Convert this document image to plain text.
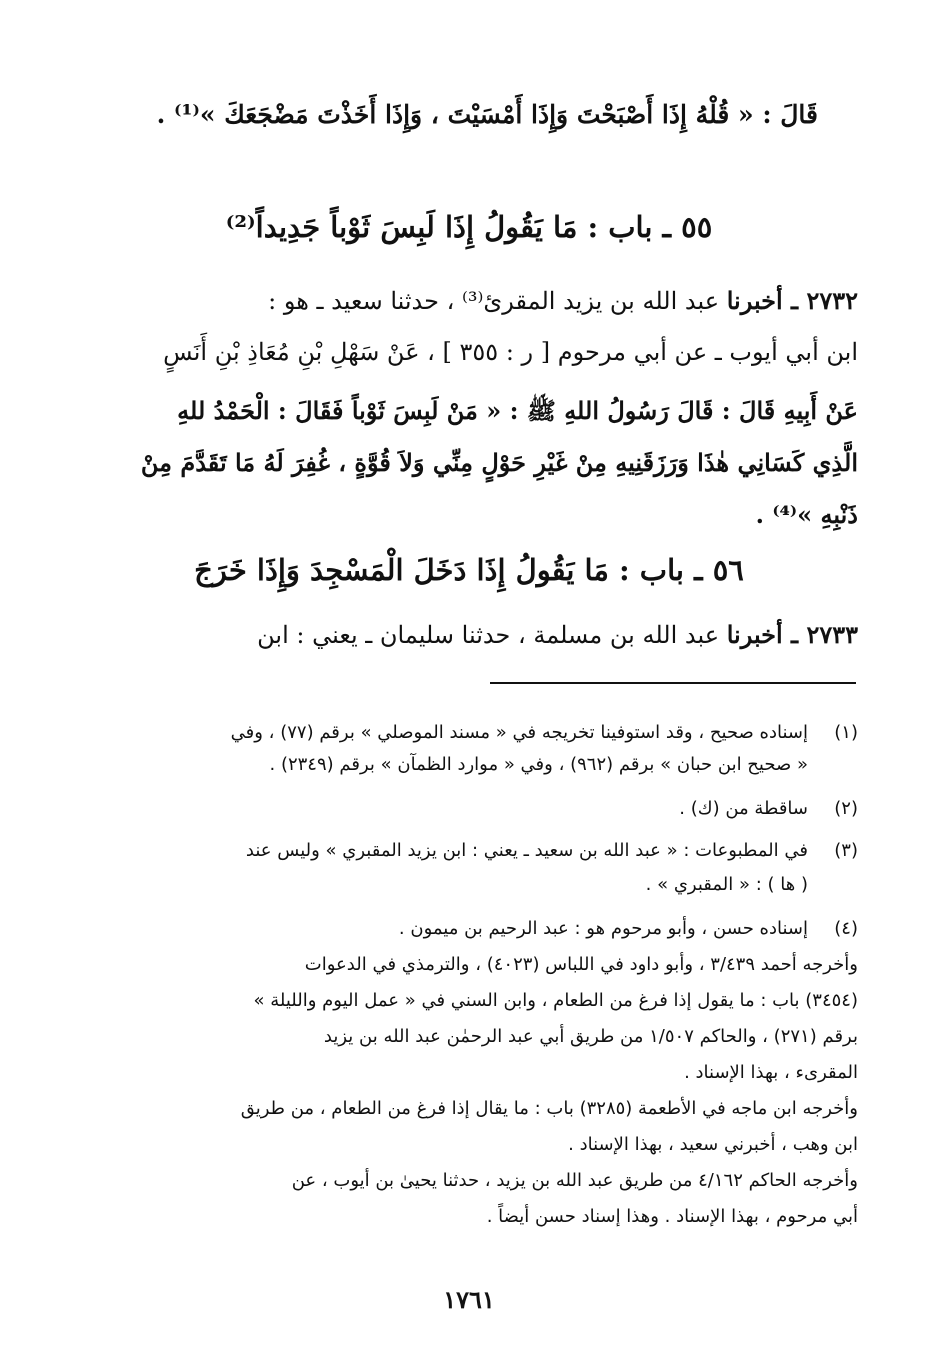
قَالَ : « قُلْهُ إِذَا أَصْبَحْتَ وَإِذَا أَمْسَيْتَ ، وَإِذَا أَخَذْتَ مَضْجَعَكَ »⁽¹⁾ .
٥٥ ـ باب : مَا يَقُولُ إِذَا لَبِسَ ثَوْباً جَدِيداً⁽²⁾
٢٧٣٢ ـ أخبرنا عبد الله بن يزيد المقرئ⁽³⁾ ، حدثنا سعيد ـ هو :
ابن أبي أيوب ـ عن أبي مرحوم [ ر : ٣٥٥ ] ، عَنْ سَهْلِ بْنِ مُعَاذِ بْنِ أَنَسٍ
عَنْ أَبِيهِ قَالَ : قَالَ رَسُولُ اللهِ ﷺ : « مَنْ لَبِسَ ثَوْباً فَقَالَ : الْحَمْدُ للهِ
الَّذِي كَسَانِي هٰذَا وَرَزَقَنِيهِ مِنْ غَيْرِ حَوْلٍ مِنِّي وَلاَ قُوَّةٍ ، غُفِرَ لَهُ مَا تَقَدَّمَ مِنْ
ذَنْبِهِ »⁽⁴⁾ .
٥٦ ـ باب : مَا يَقُولُ إِذَا دَخَلَ الْمَسْجِدَ وَإِذَا خَرَجَ
٢٧٣٣ ـ أخبرنا عبد الله بن مسلمة ، حدثنا سليمان ـ يعني : ابن
(١)
إسناده صحيح ، وقد استوفينا تخريجه في « مسند الموصلي » برقم (٧٧) ، وفي
« صحيح ابن حبان » برقم (٩٦٢) ، وفي « موارد الظمآن » برقم (٢٣٤٩) .
(٢)
ساقطة من (ك) .
(٣)
في المطبوعات : « عبد الله بن سعيد ـ يعني : ابن يزيد المقبري » وليس عند
( ها ) : « المقبري » .
(٤)
إسناده حسن ، وأبو مرحوم هو : عبد الرحيم بن ميمون .
وأخرجه أحمد ٣/٤٣٩ ، وأبو داود في اللباس (٤٠٢٣) ، والترمذي في الدعوات
(٣٤٥٤) باب : ما يقول إذا فرغ من الطعام ، وابن السني في « عمل اليوم والليلة »
برقم (٢٧١) ، والحاكم ١/٥٠٧ من طريق أبي عبد الرحمٰن عبد الله بن يزيد
المقرىء ، بهذا الإسناد .
وأخرجه ابن ماجه في الأطعمة (٣٢٨٥) باب : ما يقال إذا فرغ من الطعام ، من طريق
ابن وهب ، أخبرني سعيد ، بهذا الإسناد .
وأخرجه الحاكم ٤/١٦٢ من طريق عبد الله بن يزيد ، حدثنا يحيىٰ بن أيوب ، عن
أبي مرحوم ، بهذا الإسناد . وهذا إسناد حسن أيضاً .
١٧٦١
